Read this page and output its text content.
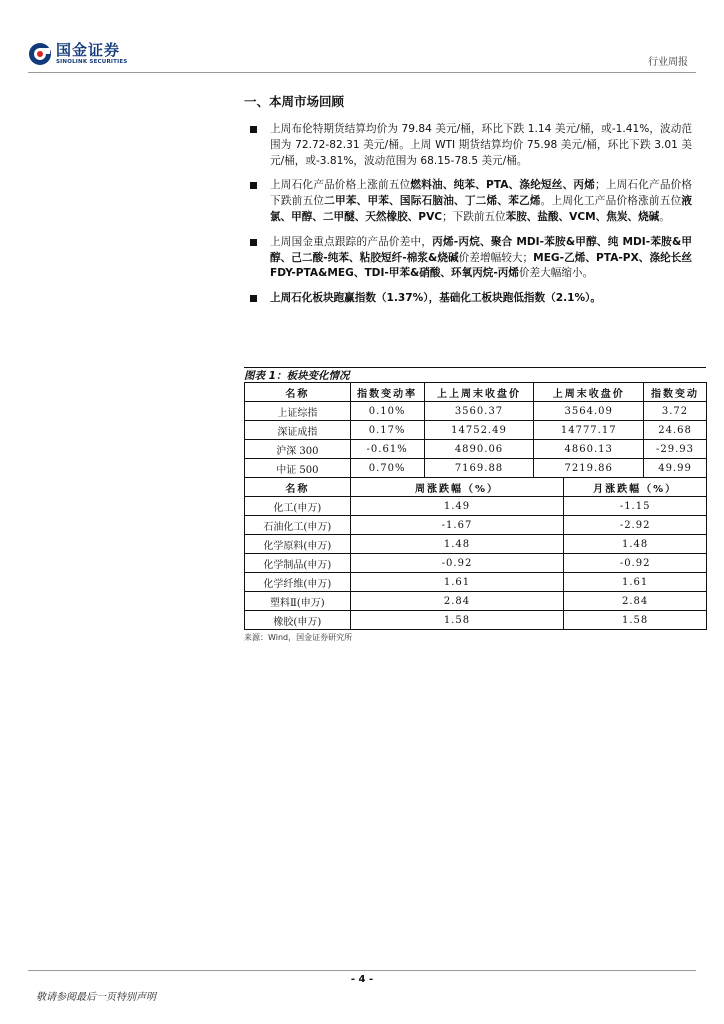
国金证券
SINOLINK SECURITIES	行业周报
一、本周市场回顾
上周布伦特期货结算均价为 79.84 美元/桶，环比下跌 1.14 美元/桶，或-1.41%，波动范围为 72.72-82.31 美元/桶。上周 WTI 期货结算均价 75.98 美元/桶，环比下跌 3.01 美元/桶，或-3.81%，波动范围为 68.15-78.5 美元/桶。
上周石化产品价格上涨前五位燃料油、纯苯、PTA、涤纶短丝、丙烯；上周石化产品价格下跌前五位二甲苯、甲苯、国际石脑油、丁二烯、苯乙烯。上周化工产品价格涨前五位液氯、甲醇、二甲醚、天然橡胶、PVC；下跌前五位苯胺、盐酸、VCM、焦炭、烧碱。
上周国金重点跟踪的产品价差中，丙烯-丙烷、聚合 MDI-苯胺&甲醇、纯 MDI-苯胺&甲醇、己二酸-纯苯、粘胶短纤-棉浆&烧碱价差增幅较大；MEG-乙烯、PTA-PX、涤纶长丝 FDY-PTA&MEG、TDI-甲苯&硝酸、环氧丙烷-丙烯价差大幅缩小。
上周石化板块跑赢指数（1.37%），基础化工板块跑低指数（2.1%）。
图表 1：板块变化情况
名称	指数变动率	上上周末收盘价	上周末收盘价		指数变动
上证综指	0.10%	3560.37	3564.09		3.72
深证成指	0.17%	14752.49	14777.17		24.68
沪深 300	-0.61%	4890.06	4860.13		-29.93
中证 500	0.70%	7169.88	7219.86		49.99
名称	周涨跌幅（%）			月涨跌幅（%）	
化工(申万)	1.49			-1.15	
石油化工(申万)	-1.67			-2.92	
化学原料(申万)	1.48			1.48	
化学制品(申万)	-0.92			-0.92	
化学纤维(申万)	1.61			1.61	
塑料Ⅱ(申万)	2.84			2.84	
橡胶(申万)	1.58			1.58	
来源：Wind，国金证券研究所
- 4 -
敬请参阅最后一页特别声明
